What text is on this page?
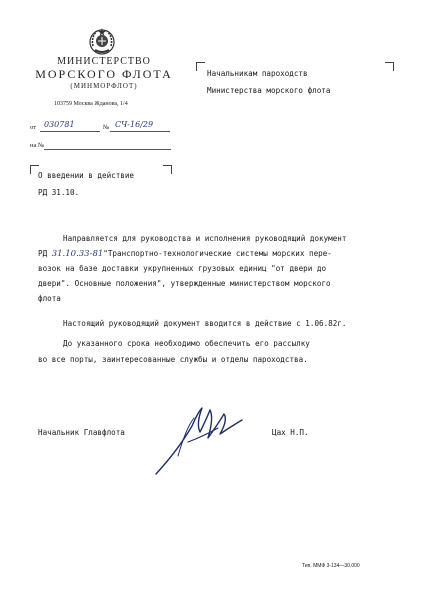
МИНИСТЕРСТВО
МОРСКОГО ФЛОТА
(МИНМОРФЛОТ)
103759 Москва Жданова, 1/4
от 030781	№ СЧ-16/29
на №
Начальникам пароходств
Министерства морского флота
О введении в действие
РД 31.10.
Направляется для руководства и исполнения руководящий документ
РД 31.10.33-81"Транспортно-технологические системы морских пере-
возок на базе доставки укрупненных грузовых единиц "от двери до
двери". Основные положения", утвержденные министерством морского
флота
Настоящий руководящий документ вводится в действие с 1.06.82г.
До указанного срока необходимо обеспечить его рассылку
во все порты, заинтересованные службы и отделы пароходства.
Начальник Главфлота	Цах Н.П.
Тип. ММФ 3-134—30.000
